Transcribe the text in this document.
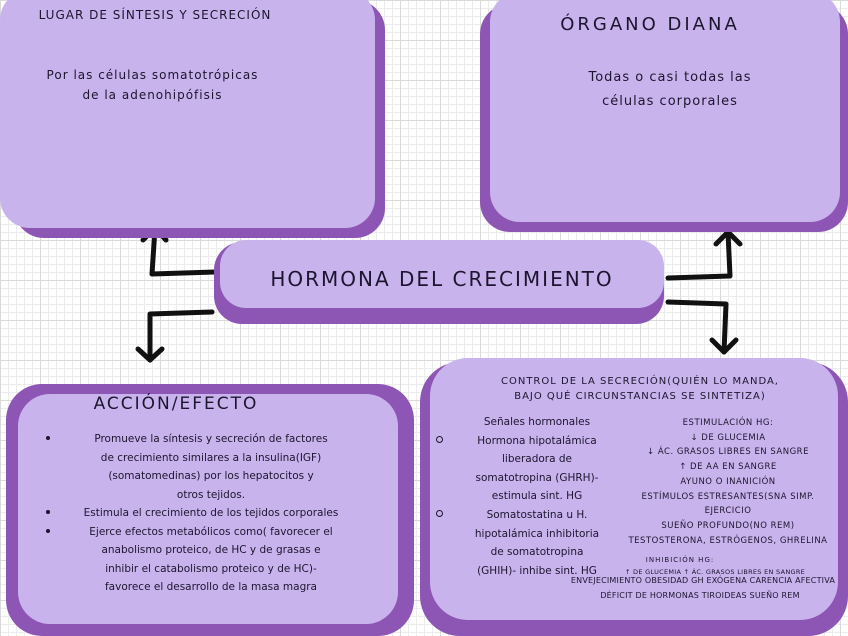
LUGAR DE SÍNTESIS Y SECRECIÓN
Por las células somatotrópicas
de la adenohipófisis
ÓRGANO DIANA
Todas o casi todas las
células corporales
HORMONA DEL CRECIMIENTO
ACCIÓN/EFECTO
Promueve la síntesis y secreción de factores
de crecimiento similares a la insulina(IGF)
(somatomedinas) por los hepatocitos y
otros tejidos.
Estimula el crecimiento de los tejidos corporales
Ejerce efectos metabólicos como( favorecer el
anabolismo proteico, de HC y de grasas e
inhibir el catabolismo proteico y de HC)-
favorece el desarrollo de la masa magra
CONTROL DE LA SECRECIÓN(QUIÉN LO MANDA,
BAJO QUÉ CIRCUNSTANCIAS SE SINTETIZA)
Señales hormonales
Hormona hipotalámica
liberadora de
somatotropina (GHRH)-
estimula sint. HG
Somatostatina u H.
hipotalámica inhibitoria
de somatotropina
(GHIH)- inhibe sint. HG
ESTIMULACIÓN HG:
↓ DE GLUCEMIA
↓ ÁC. GRASOS LIBRES EN SANGRE
↑ DE AA EN SANGRE
AYUNO O INANICIÓN
ESTÍMULOS ESTRESANTES(SNA SIMP.
EJERCICIO
SUEÑO PROFUNDO(NO REM)
TESTOSTERONA, ESTRÓGENOS, GHRELINA
INHIBICIÓN HG:
↑ DE GLUCEMIA ↑ ÁC. GRASOS LIBRES EN SANGRE
ENVEJECIMIENTO OBESIDAD GH EXÓGENA CARENCIA AFECTIVA
DÉFICIT DE HORMONAS TIROIDEAS SUEÑO REM
